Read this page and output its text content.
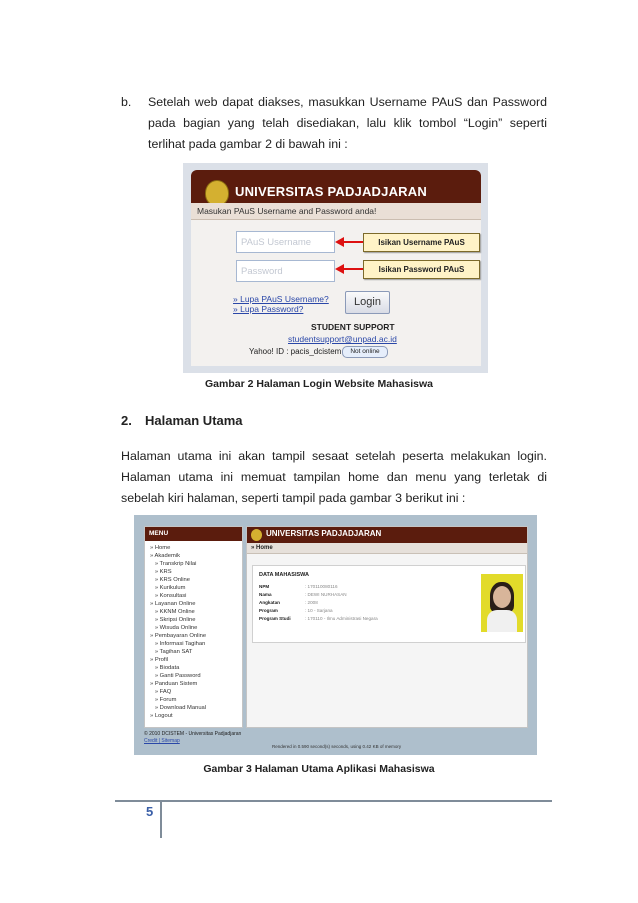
b. Setelah web dapat diakses, masukkan Username PAuS dan Password pada bagian yang telah disediakan, lalu klik tombol “Login” seperti terlihat pada gambar 2 di bawah ini :
UNIVERSITAS PADJADJARAN
Masukan PAuS Username and Password anda!
PAuS Username
Password
Isikan Username PAuS
Isikan Password PAuS
» Lupa PAuS Username?
» Lupa Password?
Login
STUDENT SUPPORT
studentsupport@unpad.ac.id
Yahoo! ID : pacis_dcistem	Not online
Gambar 2 Halaman Login Website Mahasiswa
2. Halaman Utama
Halaman utama ini akan tampil sesaat setelah peserta melakukan login. Halaman utama ini memuat tampilan home dan menu yang terletak di sebelah kiri halaman, seperti tampil pada gambar 3 berikut ini :
MENU
» Home
» Akademik
» Transkrip Nilai
» KRS
» KRS Online
» Kurikulum
» Konsultasi
» Layanan Online
» KKNM Online
» Skripsi Online
» Wisuda Online
» Pembayaran Online
» Informasi Tagihan
» Tagihan SAT
» Profil
» Biodata
» Ganti Password
» Panduan Sistem
» FAQ
» Forum
» Download Manual
» Logout
UNIVERSITAS PADJADJARAN
» Home
DATA MAHASISWA
NPM	: 170110080116
Nama	: DEWI NURHASAN
Angkatan	: 2008
Program	: 10 - Sarjana
Program Studi	: 170110 - Ilmu Administrasi Negara
© 2010 DCISTEM - Universitas Padjadjaran
Credit | Sitemap
Rendered in 0.590 second(s) seconds, using 0.42 KB of memory
Gambar 3 Halaman Utama Aplikasi Mahasiswa
5
